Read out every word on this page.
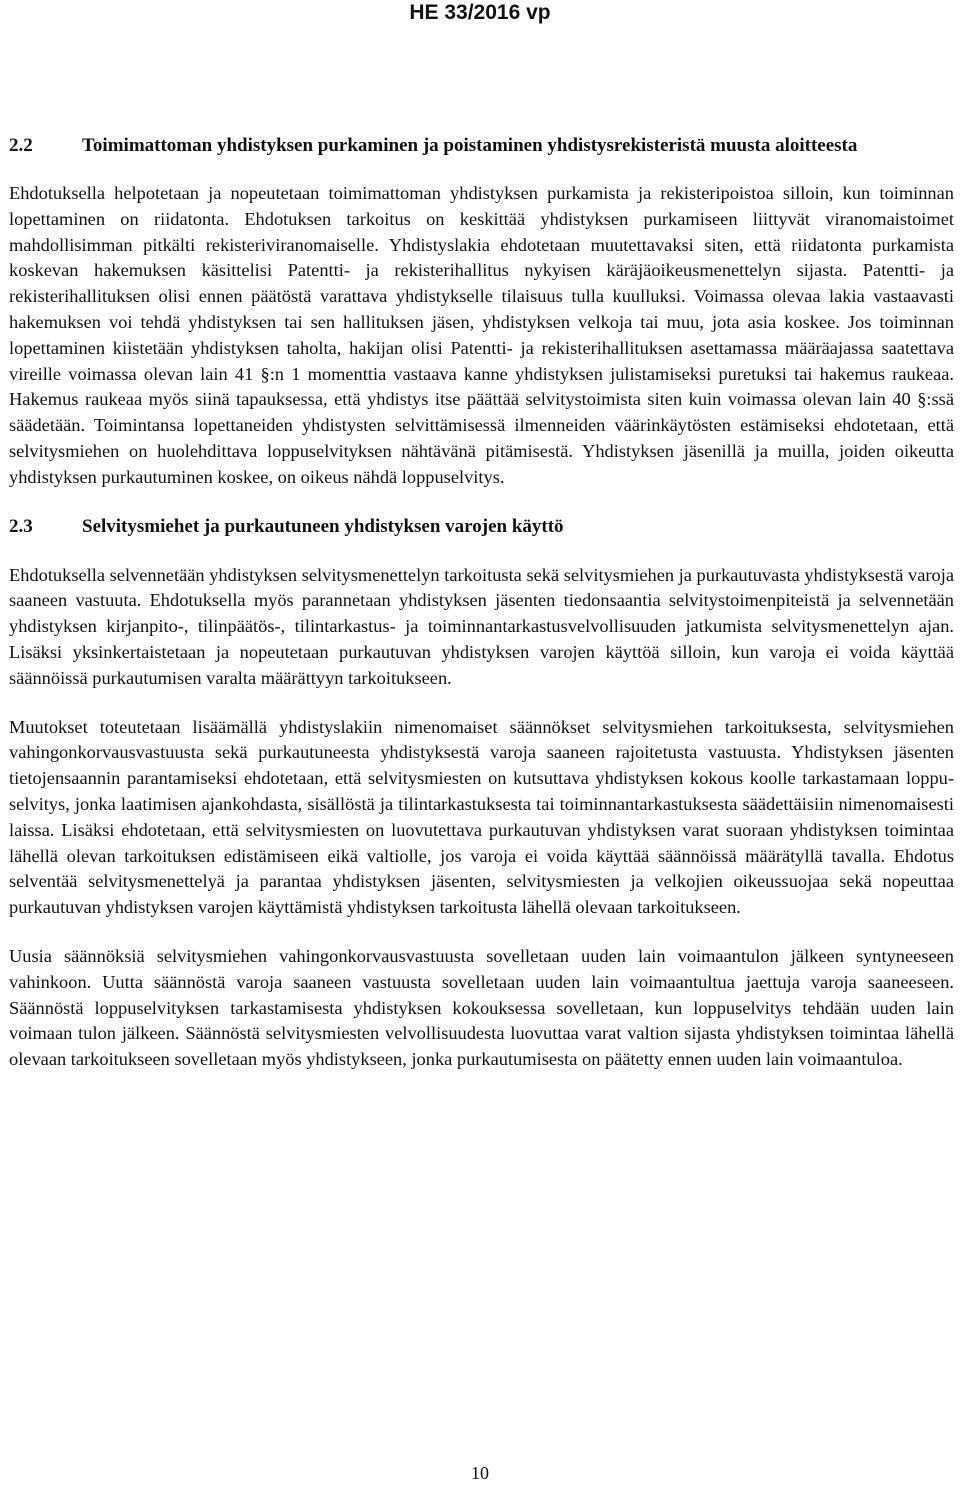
HE 33/2016 vp
2.2	Toimimattoman yhdistyksen purkaminen ja poistaminen yhdistysrekisteristä muusta aloitteesta

Ehdotuksella helpotetaan ja nopeutetaan toimimattoman yhdistyksen purkamista ja rekisteripoistoa silloin, kun toiminnan lopettaminen on riidatonta. Ehdotuksen tarkoitus on keskittää yhdistyksen purkamiseen liittyvät viranomaistoimet mahdollisimman pitkälti rekisteriviranomaiselle. Yhdistyslakia ehdotetaan muutettavaksi siten, että riidatonta purkamista koskevan hakemuksen käsittelisi Patentti- ja rekisterihallitus nykyisen käräjäoikeusmenettelyn sijasta. Patentti- ja rekisterihallituksen olisi ennen päätöstä varattava yhdistykselle tilaisuus tulla kuulluksi. Voimassa olevaa lakia vastaavasti hakemuksen voi tehdä yhdistyksen tai sen hallituksen jäsen, yhdistyksen velkoja tai muu, jota asia koskee. Jos toiminnan lopettaminen kiistetään yhdistyksen taholta, hakijan olisi Patentti- ja rekisterihallituksen asettamassa määräajassa saatettava vireille voimassa olevan lain 41 §:n 1 momenttia vastaava kanne yhdistyksen julistamiseksi puretuksi tai hakemus raukeaa. Hakemus raukeaa myös siinä tapauksessa, että yhdistys itse päättää selvitystoimista siten kuin voimassa olevan lain 40 §:ssä säädetään. Toimintansa lopettaneiden yhdistysten selvittämisessä ilmenneiden väärinkäytösten estämiseksi ehdotetaan, että selvitysmiehen on huolehdittava loppuselvityksen nähtävänä pitämisestä. Yhdistyksen jäsenillä ja muilla, joiden oikeutta yhdistyksen purkautuminen koskee, on oikeus nähdä loppuselvitys.

2.3	Selvitysmiehet ja purkautuneen yhdistyksen varojen käyttö

Ehdotuksella selvennetään yhdistyksen selvitysmenettelyn tarkoitusta sekä selvitysmiehen ja purkautuvasta yhdistyksestä varoja saaneen vastuuta. Ehdotuksella myös parannetaan yhdistyksen jäsenten tiedonsaantia selvitystoimenpiteistä ja selvennetään yhdistyksen kirjanpito-, tilinpäätös-, tilintarkastus- ja toiminnantarkastusvelvollisuuden jatkumista selvitysmenettelyn ajan. Lisäksi yksinkertaistetaan ja nopeutetaan purkautuvan yhdistyksen varojen käyttöä silloin, kun varoja ei voida käyttää säännöissä purkautumisen varalta määrättyyn tarkoitukseen.

Muutokset toteutetaan lisäämällä yhdistyslakiin nimenomaiset säännökset selvitysmiehen tarkoituksesta, selvitysmiehen vahingonkorvausvastuusta sekä purkautuneesta yhdistyksestä varoja saaneen rajoitetusta vastuusta. Yhdistyksen jäsenten tietojensaannin parantamiseksi ehdotetaan, että selvitysmiesten on kutsuttava yhdistyksen kokous koolle tarkastamaan loppuselvitys, jonka laatimisen ajankohdasta, sisällöstä ja tilintarkastuksesta tai toiminnantarkastuksesta säädettäisiin nimenomaisesti laissa. Lisäksi ehdotetaan, että selvitysmiesten on luovutettava purkautuvan yhdistyksen varat suoraan yhdistyksen toimintaa lähellä olevan tarkoituksen edistämiseen eikä valtiolle, jos varoja ei voida käyttää säännöissä määrätyllä tavalla. Ehdotus selventää selvitysmenettelyä ja parantaa yhdistyksen jäsenten, selvitysmiesten ja velkojien oikeussuojaa sekä nopeuttaa purkautuvan yhdistyksen varojen käyttämistä yhdistyksen tarkoitusta lähellä olevaan tarkoitukseen.

Uusia säännöksiä selvitysmiehen vahingonkorvausvastuusta sovelletaan uuden lain voimaantulon jälkeen syntyneeseen vahinkoon. Uutta säännöstä varoja saaneen vastuusta sovelletaan uuden lain voimaantultua jaettuja varoja saaneeseen. Säännöstä loppuselvityksen tarkastamisesta yhdistyksen kokouksessa sovelletaan, kun loppuselvitys tehdään uuden lain voimaan tulon jälkeen. Säännöstä selvitysmiesten velvollisuudesta luovuttaa varat valtion sijasta yhdistyksen toimintaa lähellä olevaan tarkoitukseen sovelletaan myös yhdistykseen, jonka purkautumisesta on päätetty ennen uuden lain voimaantuloa.

10
